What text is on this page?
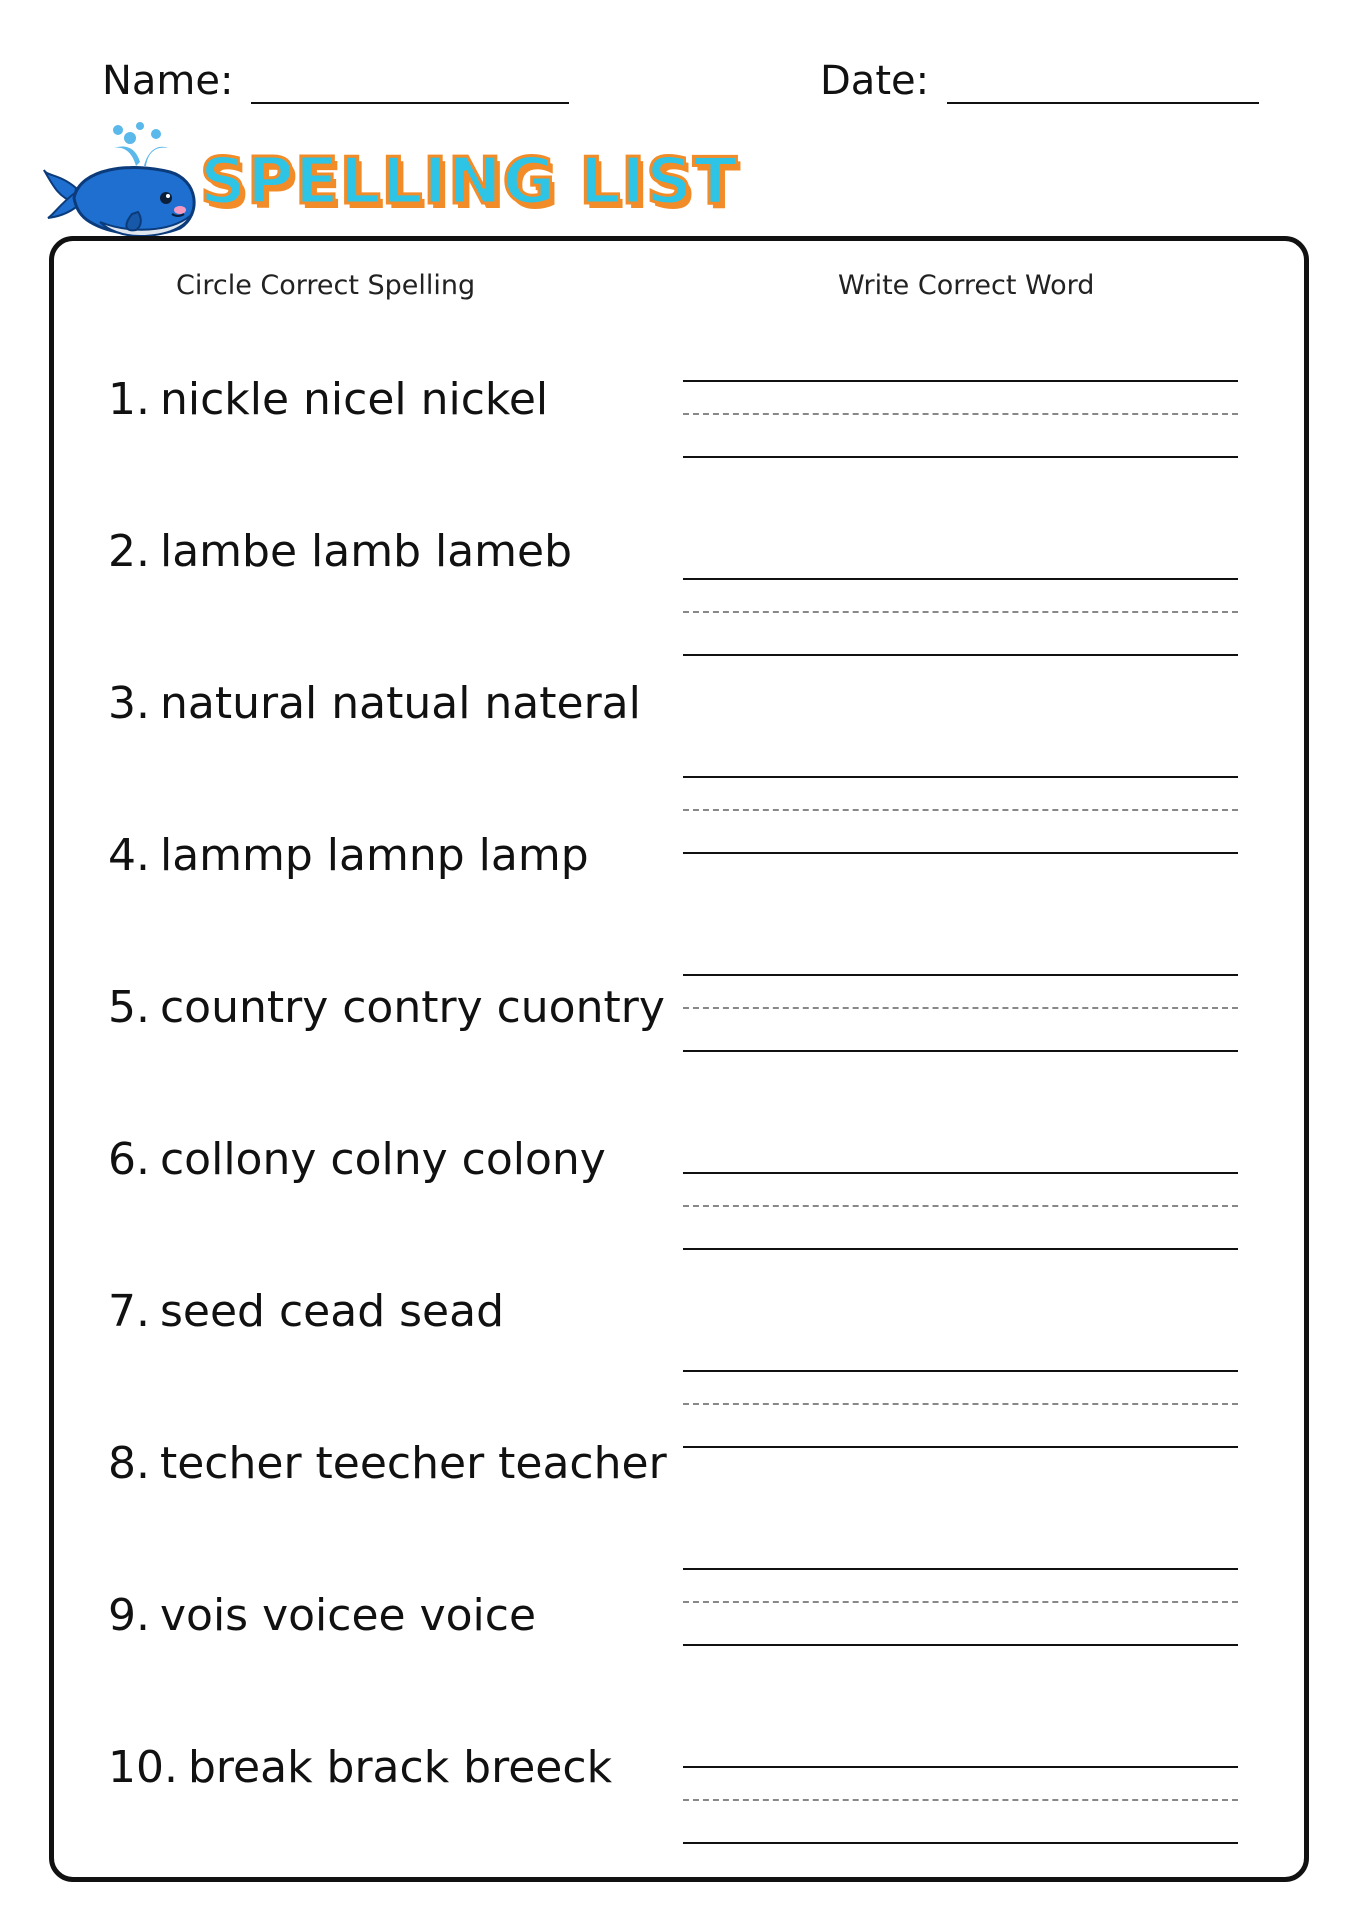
Name:	Date:
SPELLING LIST
Circle Correct Spelling	Write Correct Word
1. nickle nicel nickel
2. lambe lamb lameb
3. natural natual nateral
4. lammp lamnp lamp
5. country contry cuontry
6. collony colny colony
7. seed cead sead
8. techer teecher teacher
9. vois voicee voice
10. break brack breeck
